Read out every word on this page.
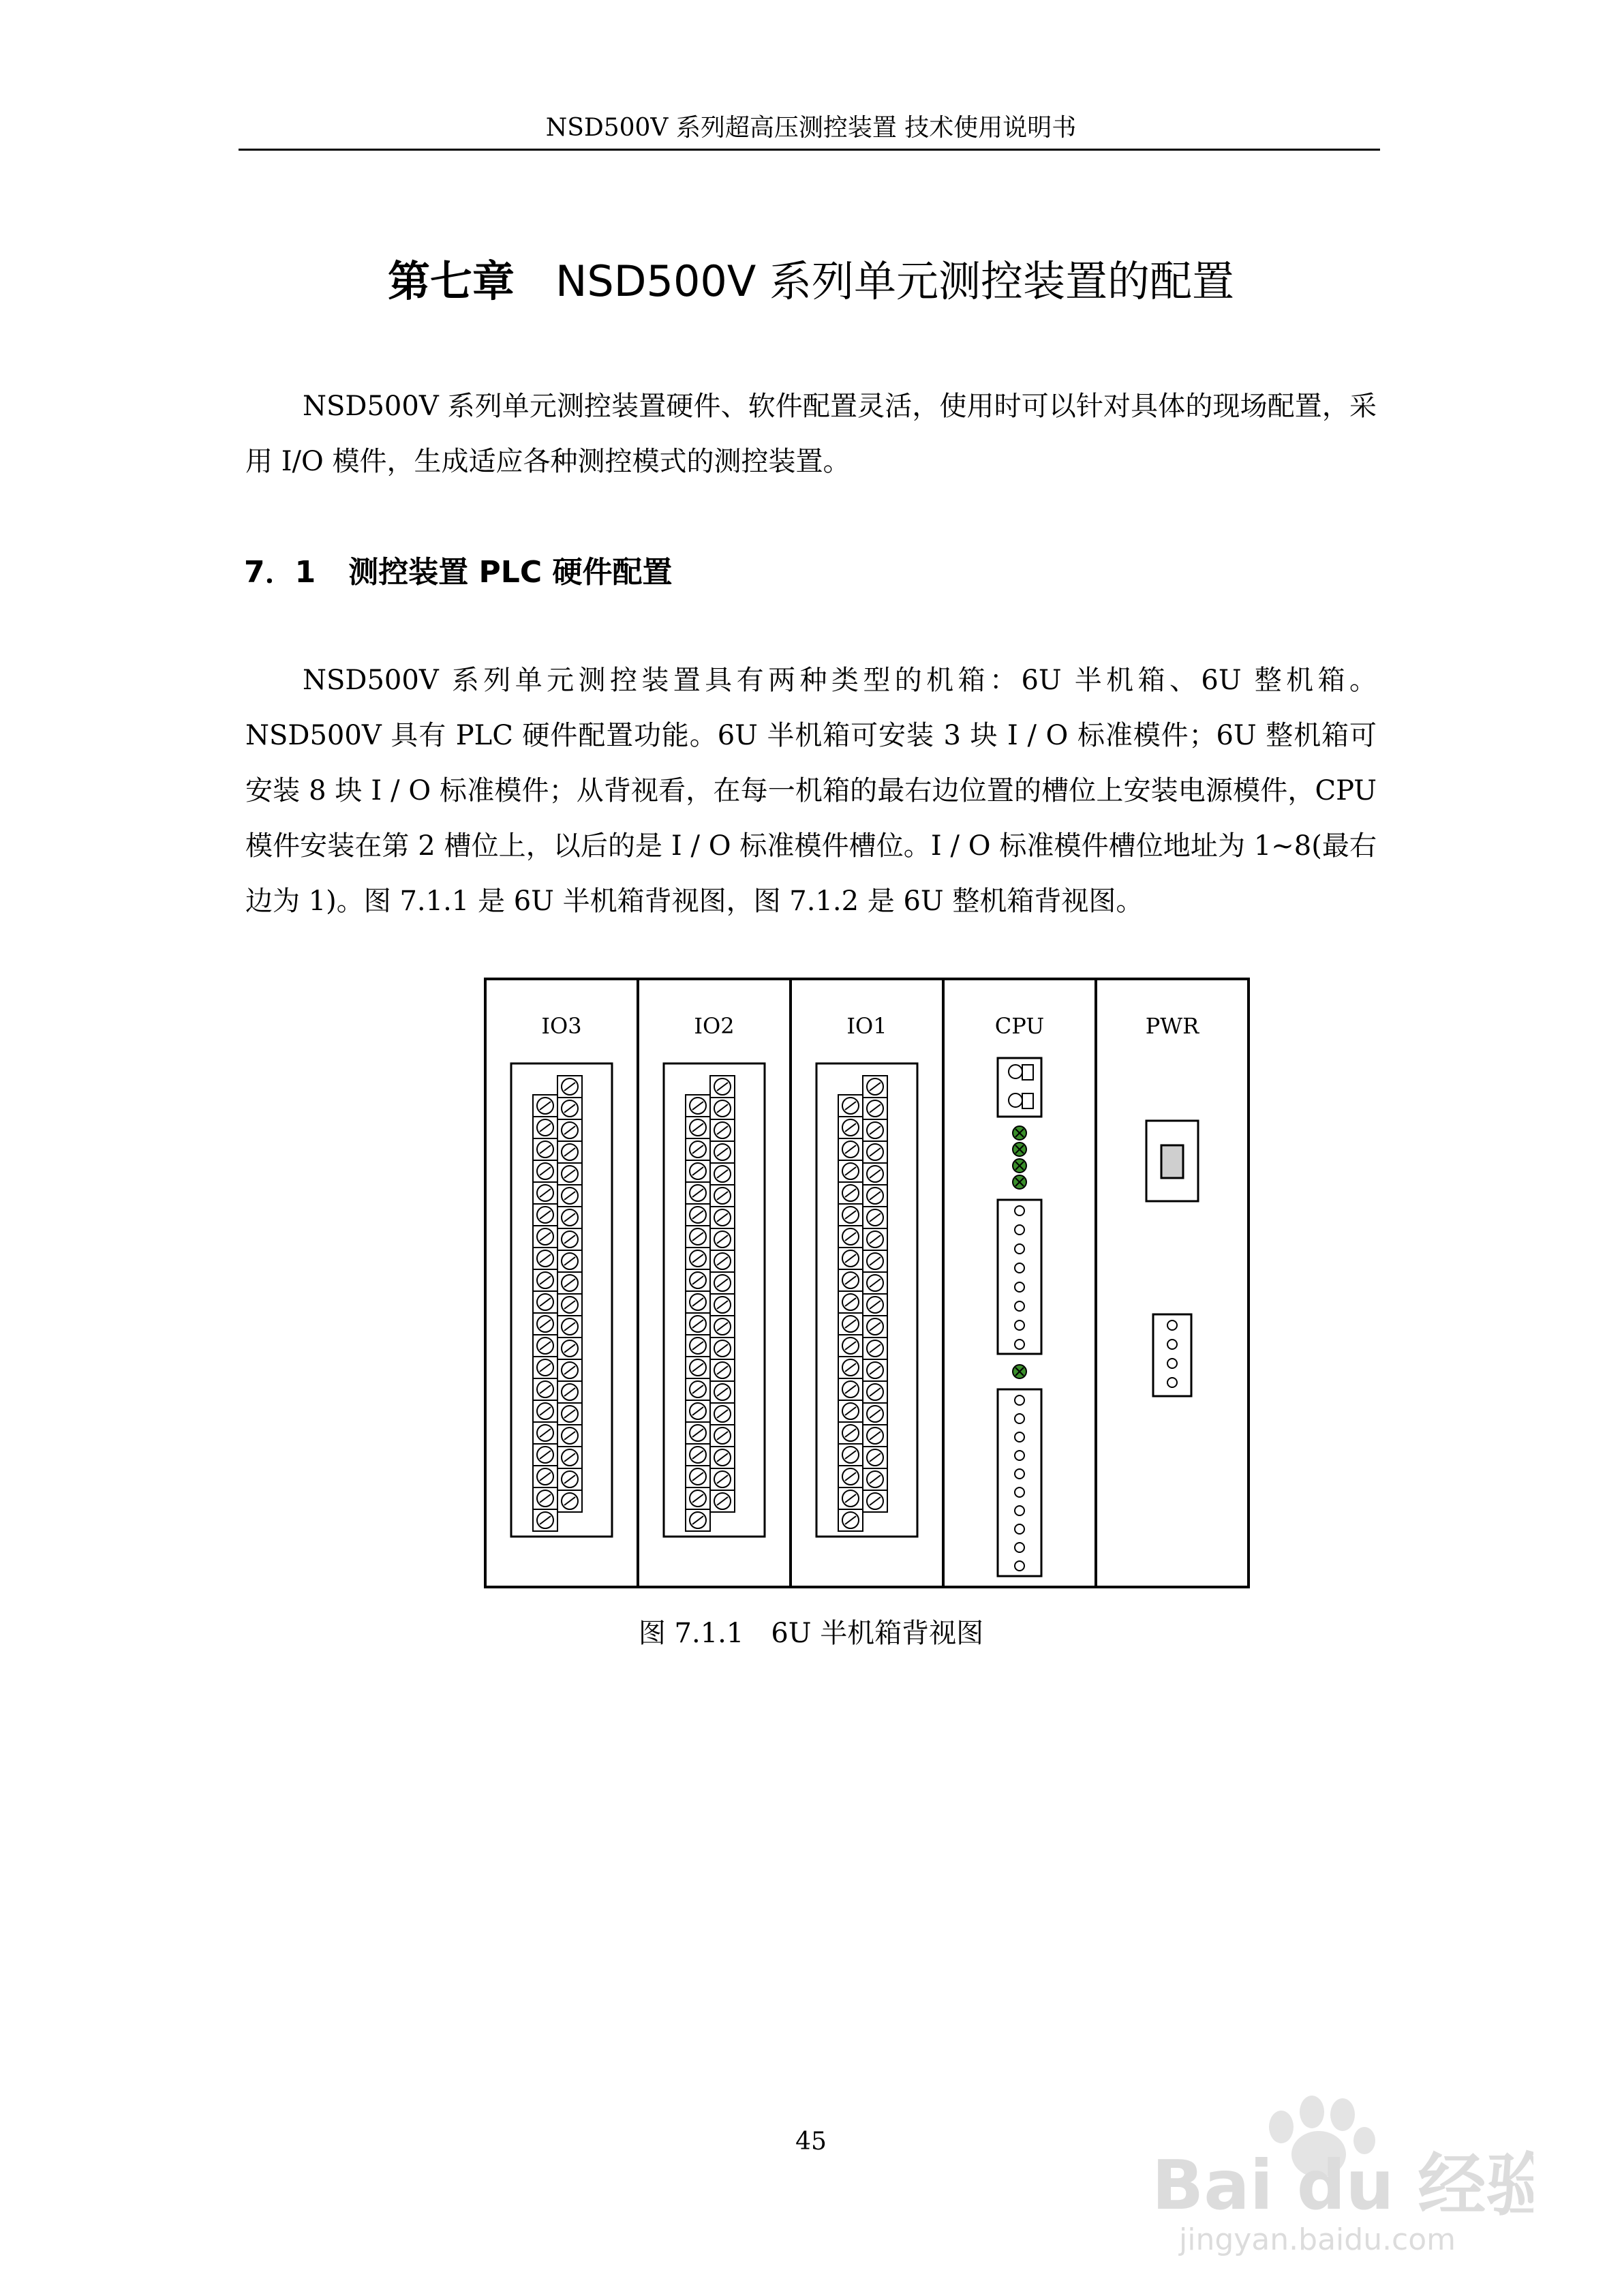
NSD500V 系列超高压测控装置 技术使用说明书
第七章 NSD500V 系列单元测控装置的配置
NSD500V 系列单元测控装置硬件、软件配置灵活，使用时可以针对具体的现场配置，采用 I/O 模件，生成适应各种测控模式的测控装置。
7．1 测控装置 PLC 硬件配置
NSD500V 系列单元测控装置具有两种类型的机箱：6U 半机箱、6U 整机箱。NSD500V 具有 PLC 硬件配置功能。6U 半机箱可安装 3 块 I / O 标准模件；6U 整机箱可安装 8 块 I / O 标准模件；从背视看，在每一机箱的最右边位置的槽位上安装电源模件，CPU 模件安装在第 2 槽位上，以后的是 I / O 标准模件槽位。I / O 标准模件槽位地址为 1~8(最右边为 1)。图 7.1.1 是 6U 半机箱背视图，图 7.1.2 是 6U 整机箱背视图。
IO3	IO2	IO1	CPU	PWR
图 7.1.1 6U 半机箱背视图
45
Bai du 经验
jingyan.baidu.com
